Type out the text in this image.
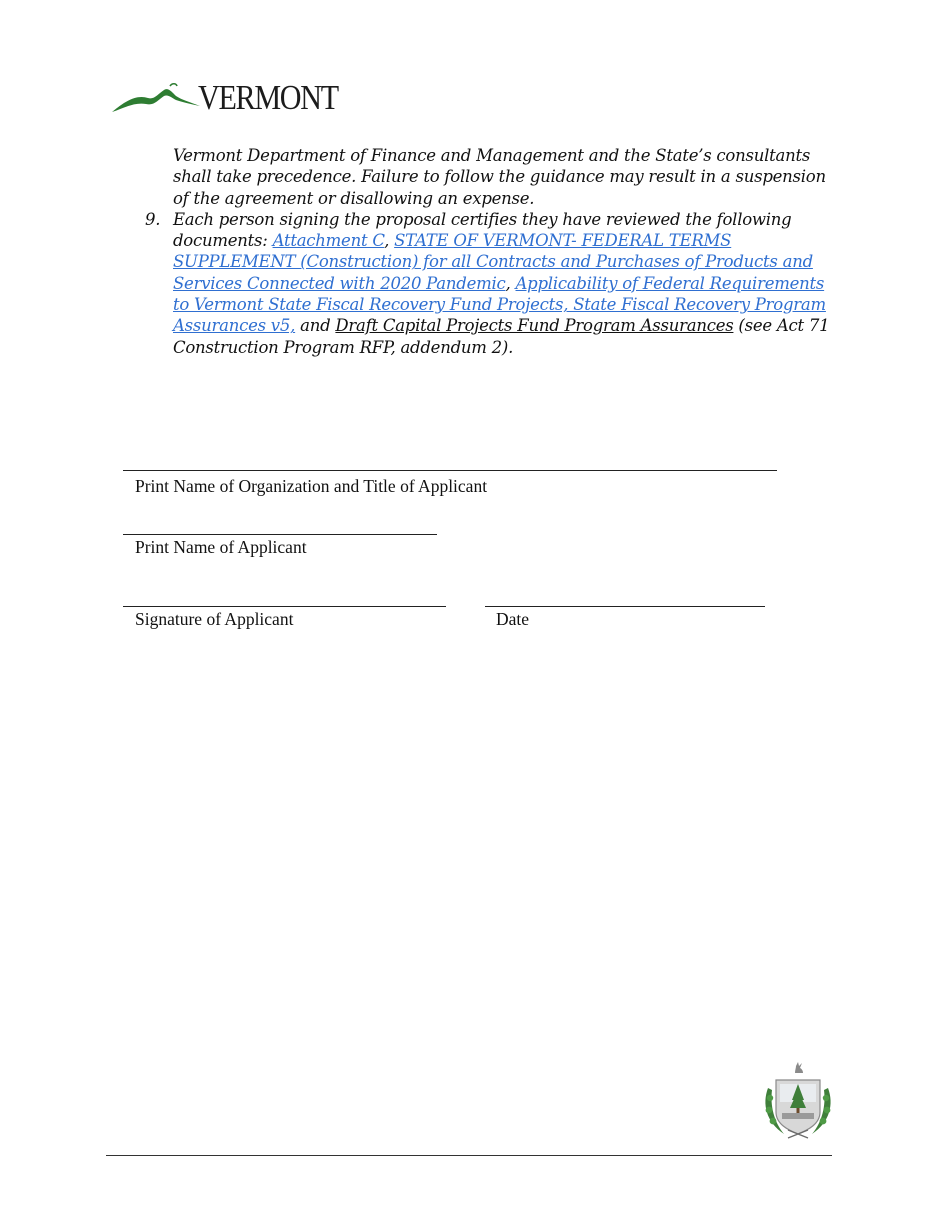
VERMONT

Vermont Department of Finance and Management and the State’s consultants shall take precedence. Failure to follow the guidance may result in a suspension of the agreement or disallowing an expense.

9. Each person signing the proposal certifies they have reviewed the following documents: Attachment C, STATE OF VERMONT- FEDERAL TERMS SUPPLEMENT (Construction) for all Contracts and Purchases of Products and Services Connected with 2020 Pandemic, Applicability of Federal Requirements to Vermont State Fiscal Recovery Fund Projects, State Fiscal Recovery Program Assurances v5, and Draft Capital Projects Fund Program Assurances (see Act 71 Construction Program RFP, addendum 2).

Print Name of Organization and Title of Applicant
Print Name of Applicant
Signature of Applicant	Date
